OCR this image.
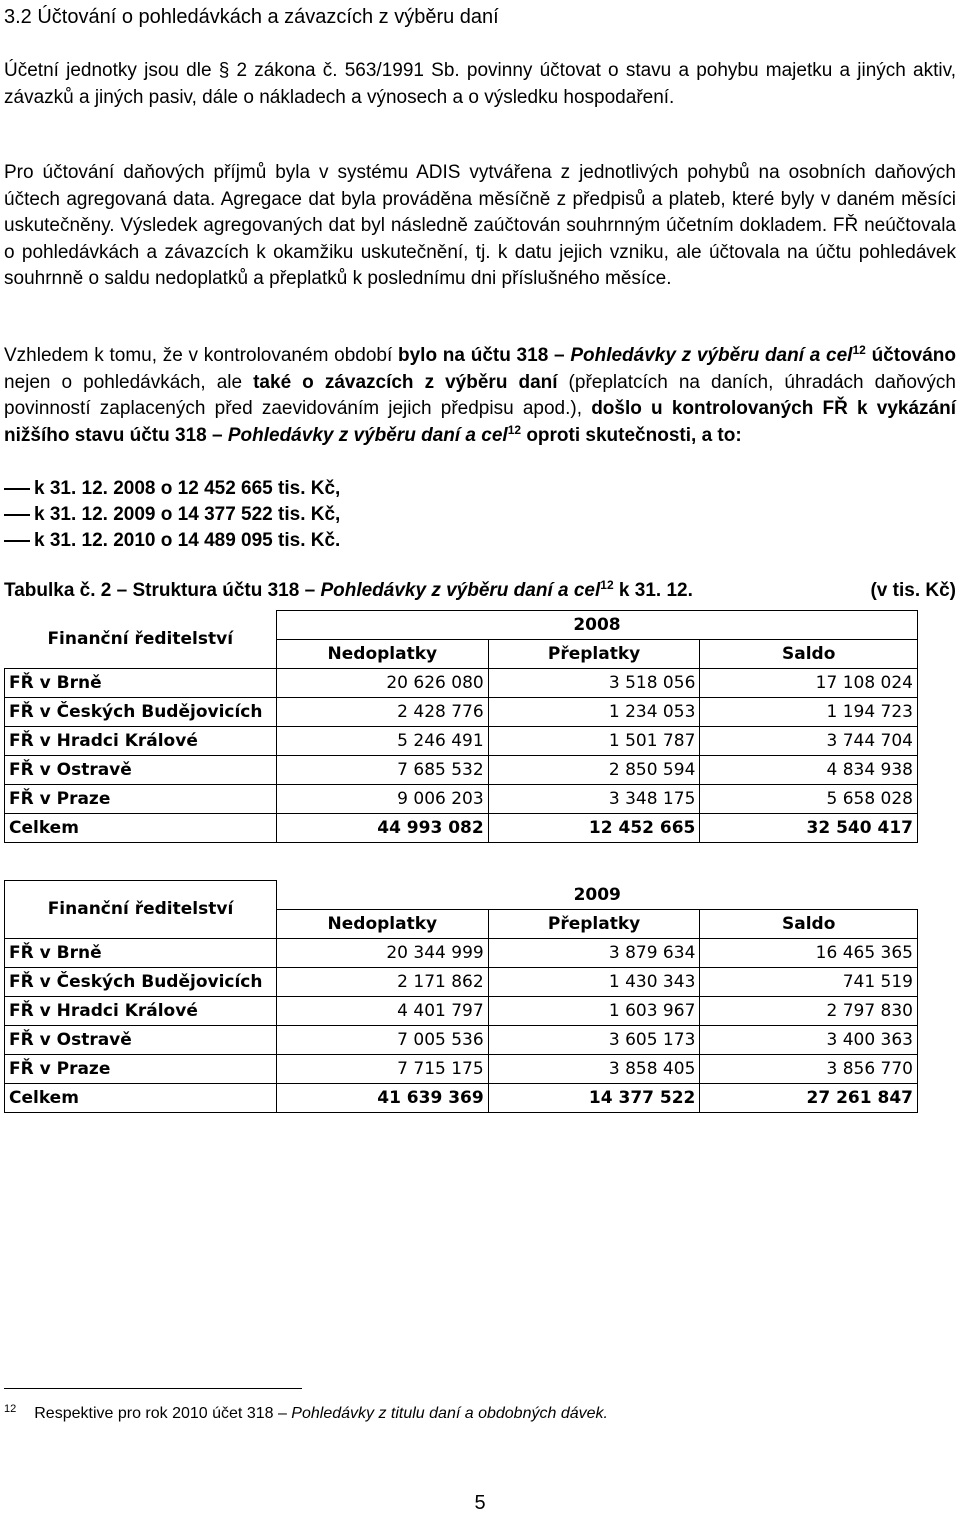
3.2 Účtování o pohledávkách a závazcích z výběru daní

Účetní jednotky jsou dle § 2 zákona č. 563/1991 Sb. povinny účtovat o stavu a pohybu majetku a jiných aktiv, závazků a jiných pasiv, dále o nákladech a výnosech a o výsledku hospodaření.

Pro účtování daňových příjmů byla v systému ADIS vytvářena z jednotlivých pohybů na osobních daňových účtech agregovaná data. Agregace dat byla prováděna měsíčně z předpisů a plateb, které byly v daném měsíci uskutečněny. Výsledek agregovaných dat byl následně zaúčtován souhrnným účetním dokladem. FŘ neúčtovala o pohledávkách a závazcích k okamžiku uskutečnění, tj. k datu jejich vzniku, ale účtovala na účtu pohledávek souhrnně o saldu nedoplatků a přeplatků k poslednímu dni příslušného měsíce.

Vzhledem k tomu, že v kontrolovaném období bylo na účtu 318 – Pohledávky z výběru daní a cel$^{12}$ účtováno nejen o pohledávkách, ale také o závazcích z výběru daní (přeplatcích na daních, úhradách daňových povinností zaplacených před zaevidováním jejich předpisu apod.), došlo u kontrolovaných FŘ k vykázání nižšího stavu účtu 318 – Pohledávky z výběru daní a cel$^{12}$ oproti skutečnosti, a to:

k 31. 12. 2008 o 12 452 665 tis. Kč,
k 31. 12. 2009 o 14 377 522 tis. Kč,
k 31. 12. 2010 o 14 489 095 tis. Kč.
Tabulka č. 2 – Struktura účtu 318 – Pohledávky z výběru daní a cel$^{12}$ k 31. 12.	(v tis. Kč)
Finanční ředitelství	2008		
	Nedoplatky	Přeplatky	Saldo
FŘ v Brně	20 626 080	3 518 056	17 108 024
FŘ v Českých Budějovicích	2 428 776	1 234 053	1 194 723
FŘ v Hradci Králové	5 246 491	1 501 787	3 744 704
FŘ v Ostravě	7 685 532	2 850 594	4 834 938
FŘ v Praze	9 006 203	3 348 175	5 658 028
Celkem	44 993 082	12 452 665	32 540 417
Finanční ředitelství	2009		
	Nedoplatky	Přeplatky	Saldo
FŘ v Brně	20 344 999	3 879 634	16 465 365
FŘ v Českých Budějovicích	2 171 862	1 430 343	741 519
FŘ v Hradci Králové	4 401 797	1 603 967	2 797 830
FŘ v Ostravě	7 005 536	3 605 173	3 400 363
FŘ v Praze	7 715 175	3 858 405	3 856 770
Celkem	41 639 369	14 377 522	27 261 847
$^{12}$ Respektive pro rok 2010 účet 318 – Pohledávky z titulu daní a obdobných dávek.
5
